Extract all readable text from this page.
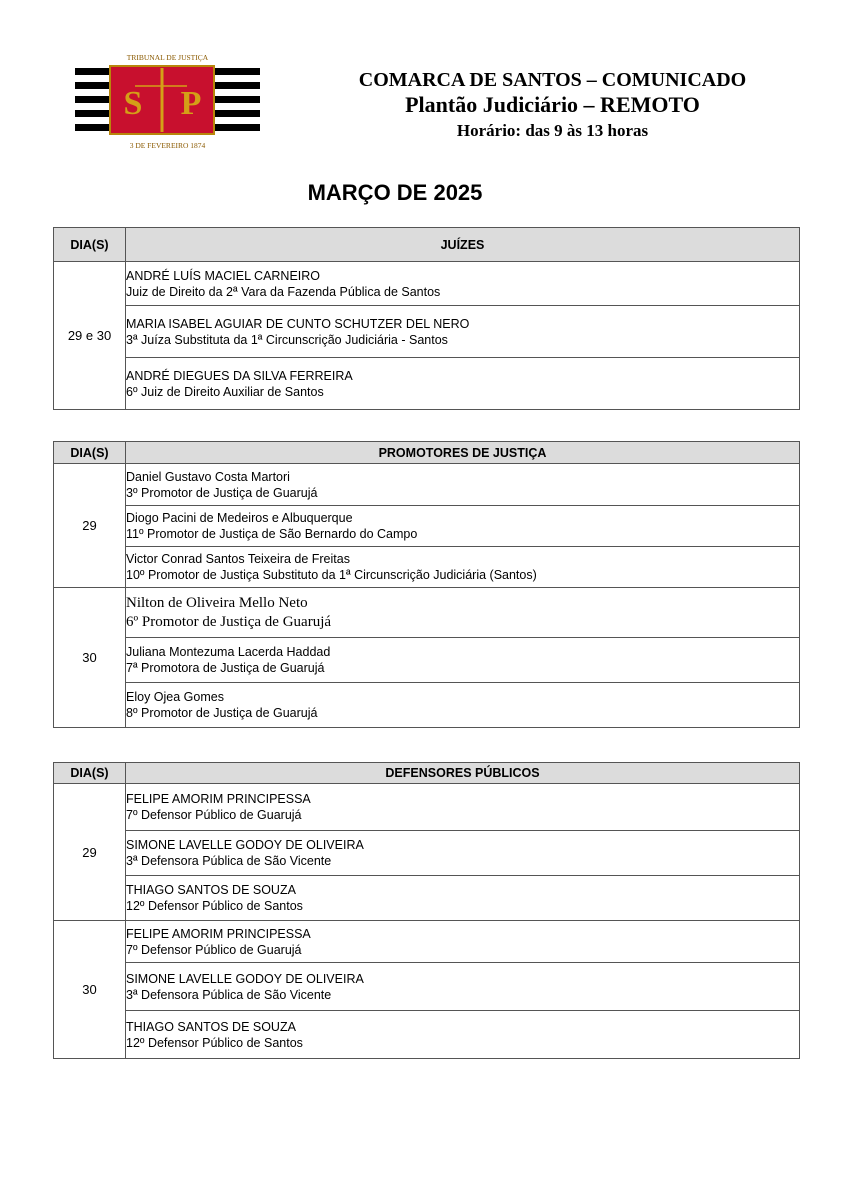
TRIBUNAL DE JUSTIÇA
S P
3 DE FEVEREIRO 1874
COMARCA DE SANTOS – COMUNICADO
Plantão Judiciário – REMOTO
Horário: das 9 às 13 horas
MARÇO DE 2025
DIA(S)	JUÍZES
29 e 30	ANDRÉ LUÍS MACIEL CARNEIRO
Juiz de Direito da 2ª Vara da Fazenda Pública de Santos

	MARIA ISABEL AGUIAR DE CUNTO SCHUTZER DEL NERO
3ª Juíza Substituta da 1ª Circunscrição Judiciária - Santos

	ANDRÉ DIEGUES DA SILVA FERREIRA
6º Juiz de Direito Auxiliar de Santos
DIA(S)	PROMOTORES DE JUSTIÇA
29	Daniel Gustavo Costa Martori
3º Promotor de Justiça de Guarujá

	Diogo Pacini de Medeiros e Albuquerque
11º Promotor de Justiça de São Bernardo do Campo

	Victor Conrad Santos Teixeira de Freitas
10º Promotor de Justiça Substituto da 1ª Circunscrição Judiciária (Santos)

30	Nilton de Oliveira Mello Neto
6º Promotor de Justiça de Guarujá

	Juliana Montezuma Lacerda Haddad
7ª Promotora de Justiça de Guarujá

	Eloy Ojea Gomes
8º Promotor de Justiça de Guarujá
DIA(S)	DEFENSORES PÚBLICOS
29	FELIPE AMORIM PRINCIPESSA
7º Defensor Público de Guarujá

	SIMONE LAVELLE GODOY DE OLIVEIRA
3ª Defensora Pública de São Vicente

	THIAGO SANTOS DE SOUZA
12º Defensor Público de Santos

30	FELIPE AMORIM PRINCIPESSA
7º Defensor Público de Guarujá

	SIMONE LAVELLE GODOY DE OLIVEIRA
3ª Defensora Pública de São Vicente

	THIAGO SANTOS DE SOUZA
12º Defensor Público de Santos
